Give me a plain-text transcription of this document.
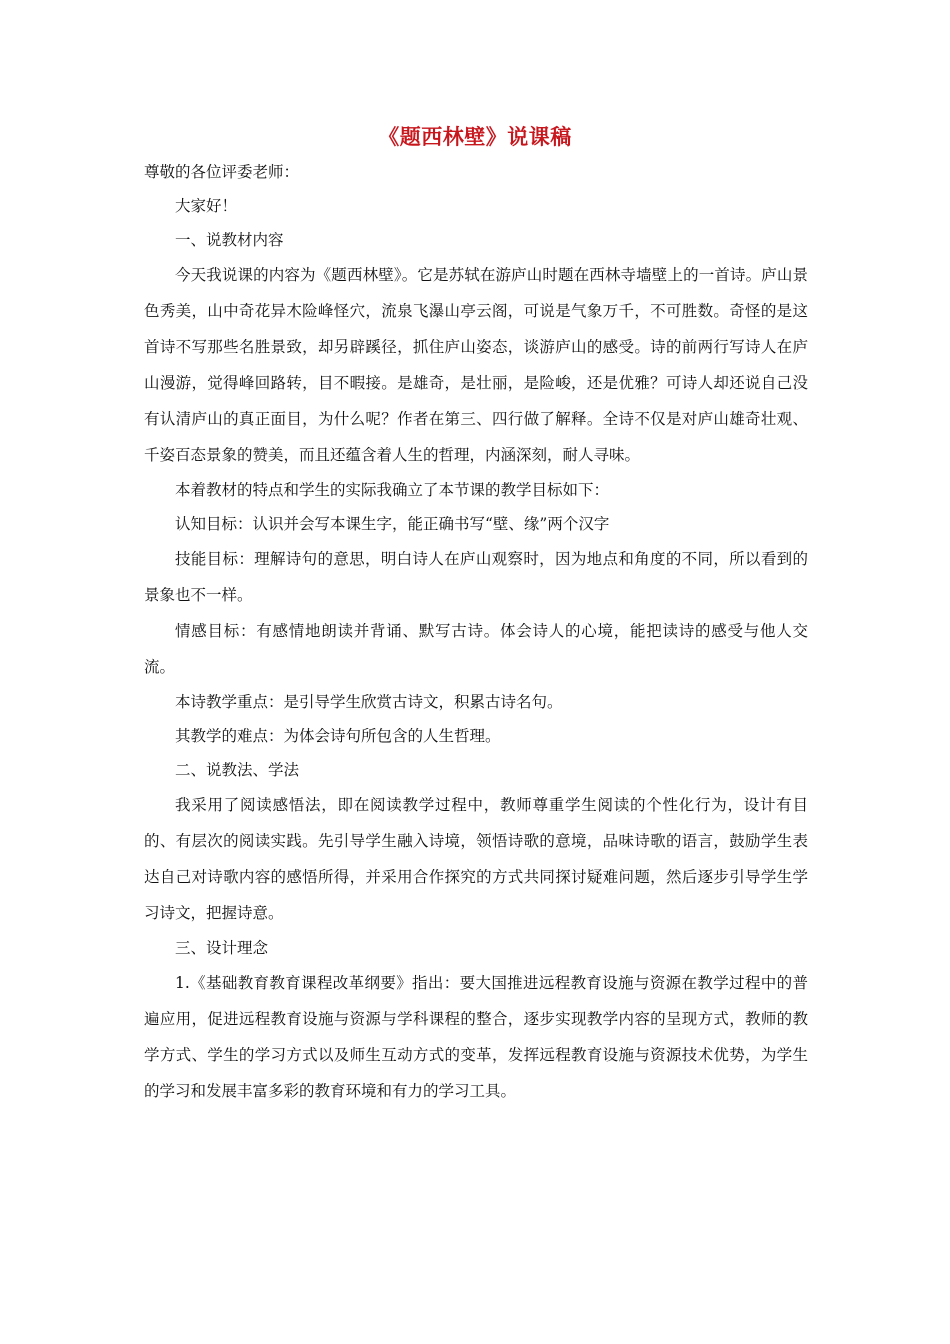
《题西林壁》说课稿
尊敬的各位评委老师：

大家好！

一、说教材内容

今天我说课的内容为《题西林壁》。它是苏轼在游庐山时题在西林寺墙壁上的一首诗。庐山景色秀美，山中奇花异木险峰怪穴，流泉飞瀑山亭云阁，可说是气象万千，不可胜数。奇怪的是这首诗不写那些名胜景致，却另辟蹊径，抓住庐山姿态，谈游庐山的感受。诗的前两行写诗人在庐山漫游，觉得峰回路转，目不暇接。是雄奇，是壮丽，是险峻，还是优雅？可诗人却还说自己没有认清庐山的真正面目，为什么呢？作者在第三、四行做了解释。全诗不仅是对庐山雄奇壮观、千姿百态景象的赞美，而且还蕴含着人生的哲理，内涵深刻，耐人寻味。

本着教材的特点和学生的实际我确立了本节课的教学目标如下：

认知目标：认识并会写本课生字，能正确书写“壁、缘”两个汉字

技能目标：理解诗句的意思，明白诗人在庐山观察时，因为地点和角度的不同，所以看到的景象也不一样。

情感目标：有感情地朗读并背诵、默写古诗。体会诗人的心境，能把读诗的感受与他人交流。

本诗教学重点：是引导学生欣赏古诗文，积累古诗名句。

其教学的难点：为体会诗句所包含的人生哲理。

二、说教法、学法

我采用了阅读感悟法，即在阅读教学过程中，教师尊重学生阅读的个性化行为，设计有目的、有层次的阅读实践。先引导学生融入诗境，领悟诗歌的意境，品味诗歌的语言，鼓励学生表达自己对诗歌内容的感悟所得，并采用合作探究的方式共同探讨疑难问题，然后逐步引导学生学习诗文，把握诗意。

三、设计理念

1.《基础教育教育课程改革纲要》指出：要大国推进远程教育设施与资源在教学过程中的普遍应用，促进远程教育设施与资源与学科课程的整合，逐步实现教学内容的呈现方式，教师的教学方式、学生的学习方式以及师生互动方式的变革，发挥远程教育设施与资源技术优势，为学生的学习和发展丰富多彩的教育环境和有力的学习工具。
